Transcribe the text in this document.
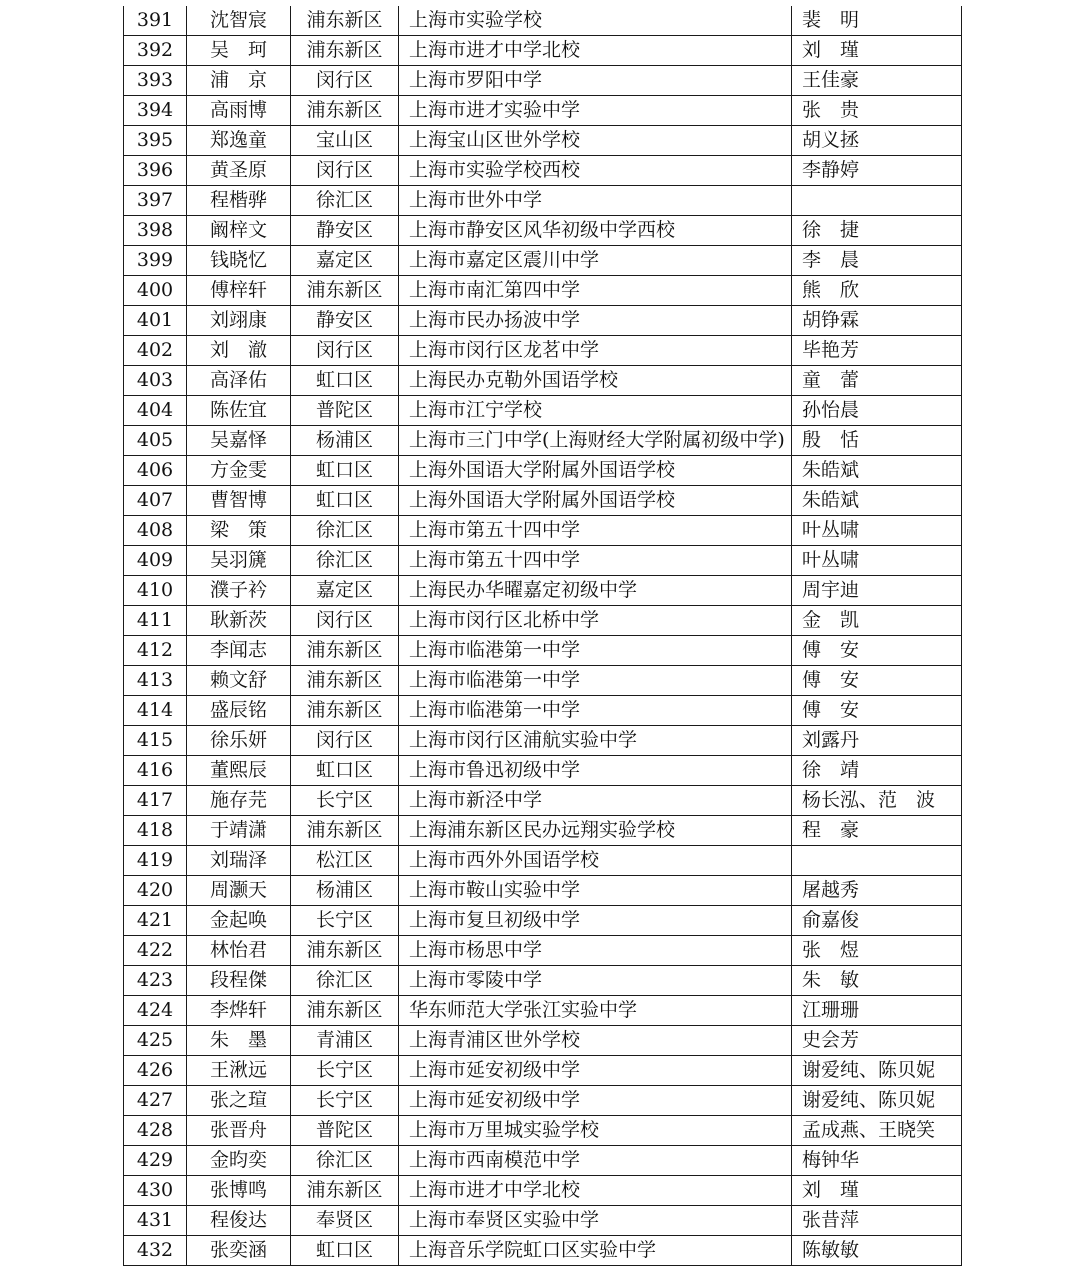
391	沈智宸	浦东新区	上海市实验学校	裴　明
392	吴　珂	浦东新区	上海市进才中学北校	刘　瑾
393	浦　京	闵行区	上海市罗阳中学	王佳豪
394	高雨博	浦东新区	上海市进才实验中学	张　贵
395	郑逸童	宝山区	上海宝山区世外学校	胡义拯
396	黄圣原	闵行区	上海市实验学校西校	李静婷
397	程楷骅	徐汇区	上海市世外中学	
398	阚梓文	静安区	上海市静安区风华初级中学西校	徐　捷
399	钱晓忆	嘉定区	上海市嘉定区震川中学	李　晨
400	傅梓轩	浦东新区	上海市南汇第四中学	熊　欣
401	刘翊康	静安区	上海市民办扬波中学	胡铮霖
402	刘　澈	闵行区	上海市闵行区龙茗中学	毕艳芳
403	高泽佑	虹口区	上海民办克勒外国语学校	童　蕾
404	陈佐宜	普陀区	上海市江宁学校	孙怡晨
405	吴嘉怿	杨浦区	上海市三门中学(上海财经大学附属初级中学)	殷　恬
406	方金雯	虹口区	上海外国语大学附属外国语学校	朱皓斌
407	曹智博	虹口区	上海外国语大学附属外国语学校	朱皓斌
408	梁　策	徐汇区	上海市第五十四中学	叶丛啸
409	吴羽篪	徐汇区	上海市第五十四中学	叶丛啸
410	濮子衿	嘉定区	上海民办华曜嘉定初级中学	周宇迪
411	耿新茨	闵行区	上海市闵行区北桥中学	金　凯
412	李闻志	浦东新区	上海市临港第一中学	傅　安
413	赖文舒	浦东新区	上海市临港第一中学	傅　安
414	盛辰铭	浦东新区	上海市临港第一中学	傅　安
415	徐乐妍	闵行区	上海市闵行区浦航实验中学	刘露丹
416	董熙辰	虹口区	上海市鲁迅初级中学	徐　靖
417	施存芫	长宁区	上海市新泾中学	杨长泓、范　波
418	于靖潇	浦东新区	上海浦东新区民办远翔实验学校	程　豪
419	刘瑞泽	松江区	上海市西外外国语学校	
420	周灏天	杨浦区	上海市鞍山实验中学	屠越秀
421	金起唤	长宁区	上海市复旦初级中学	俞嘉俊
422	林怡君	浦东新区	上海市杨思中学	张　煜
423	段程傑	徐汇区	上海市零陵中学	朱　敏
424	李烨轩	浦东新区	华东师范大学张江实验中学	江珊珊
425	朱　墨	青浦区	上海青浦区世外学校	史会芳
426	王湫远	长宁区	上海市延安初级中学	谢爱纯、陈贝妮
427	张之瑄	长宁区	上海市延安初级中学	谢爱纯、陈贝妮
428	张晋舟	普陀区	上海市万里城实验学校	孟成燕、王晓笑
429	金昀奕	徐汇区	上海市西南模范中学	梅钟华
430	张博鸣	浦东新区	上海市进才中学北校	刘　瑾
431	程俊达	奉贤区	上海市奉贤区实验中学	张昔萍
432	张奕涵	虹口区	上海音乐学院虹口区实验中学	陈敏敏
